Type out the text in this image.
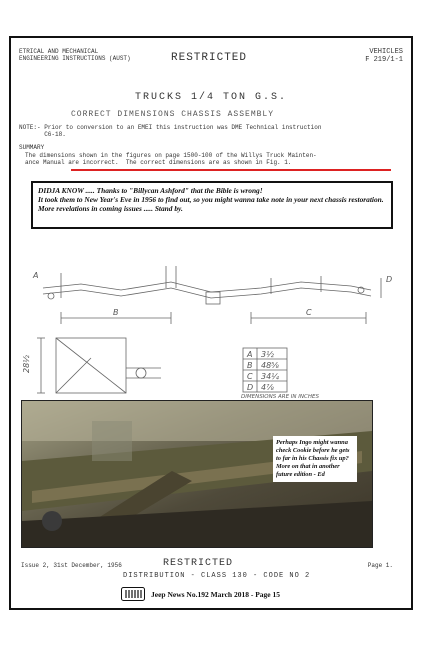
ETRICAL AND MECHANICAL
ENGINEERING INSTRUCTIONS (AUST)	RESTRICTED	VEHICLES
F 219/1-1
TRUCKS 1/4 TON G.S.
CORRECT DIMENSIONS CHASSIS ASSEMBLY
NOTE:- Prior to conversion to an EMEI this instruction was DME Technical instruction
C6-18.
SUMMARY
The dimensions shown in the figures on page 1500-100 of the Willys Truck Mainten-
ance Manual are incorrect.  The correct dimensions are as shown in Fig. 1.
DIDJA KNOW ..... Thanks to "Billycan Ashford" that the Bible is wrong!
It took them to New Year's Eve in 1956 to find out, so you might wanna take note in your next chassis restoration. More revelations in coming issues ..... Stand by.
B	C
D
A
28½
A 3½
B 48⅝
C 34¼
D 4⅞
DIMENSIONS ARE IN INCHES
Perhaps Ingo might wanna check Cookie before he gets to far in his Chassis fix up? More on that in another future edition - Ed
Issue 2, 31st December, 1956	RESTRICTED	Page 1.
DISTRIBUTION - CLASS 130 - CODE NO 2
Jeep News No.192 March 2018 - Page 15
